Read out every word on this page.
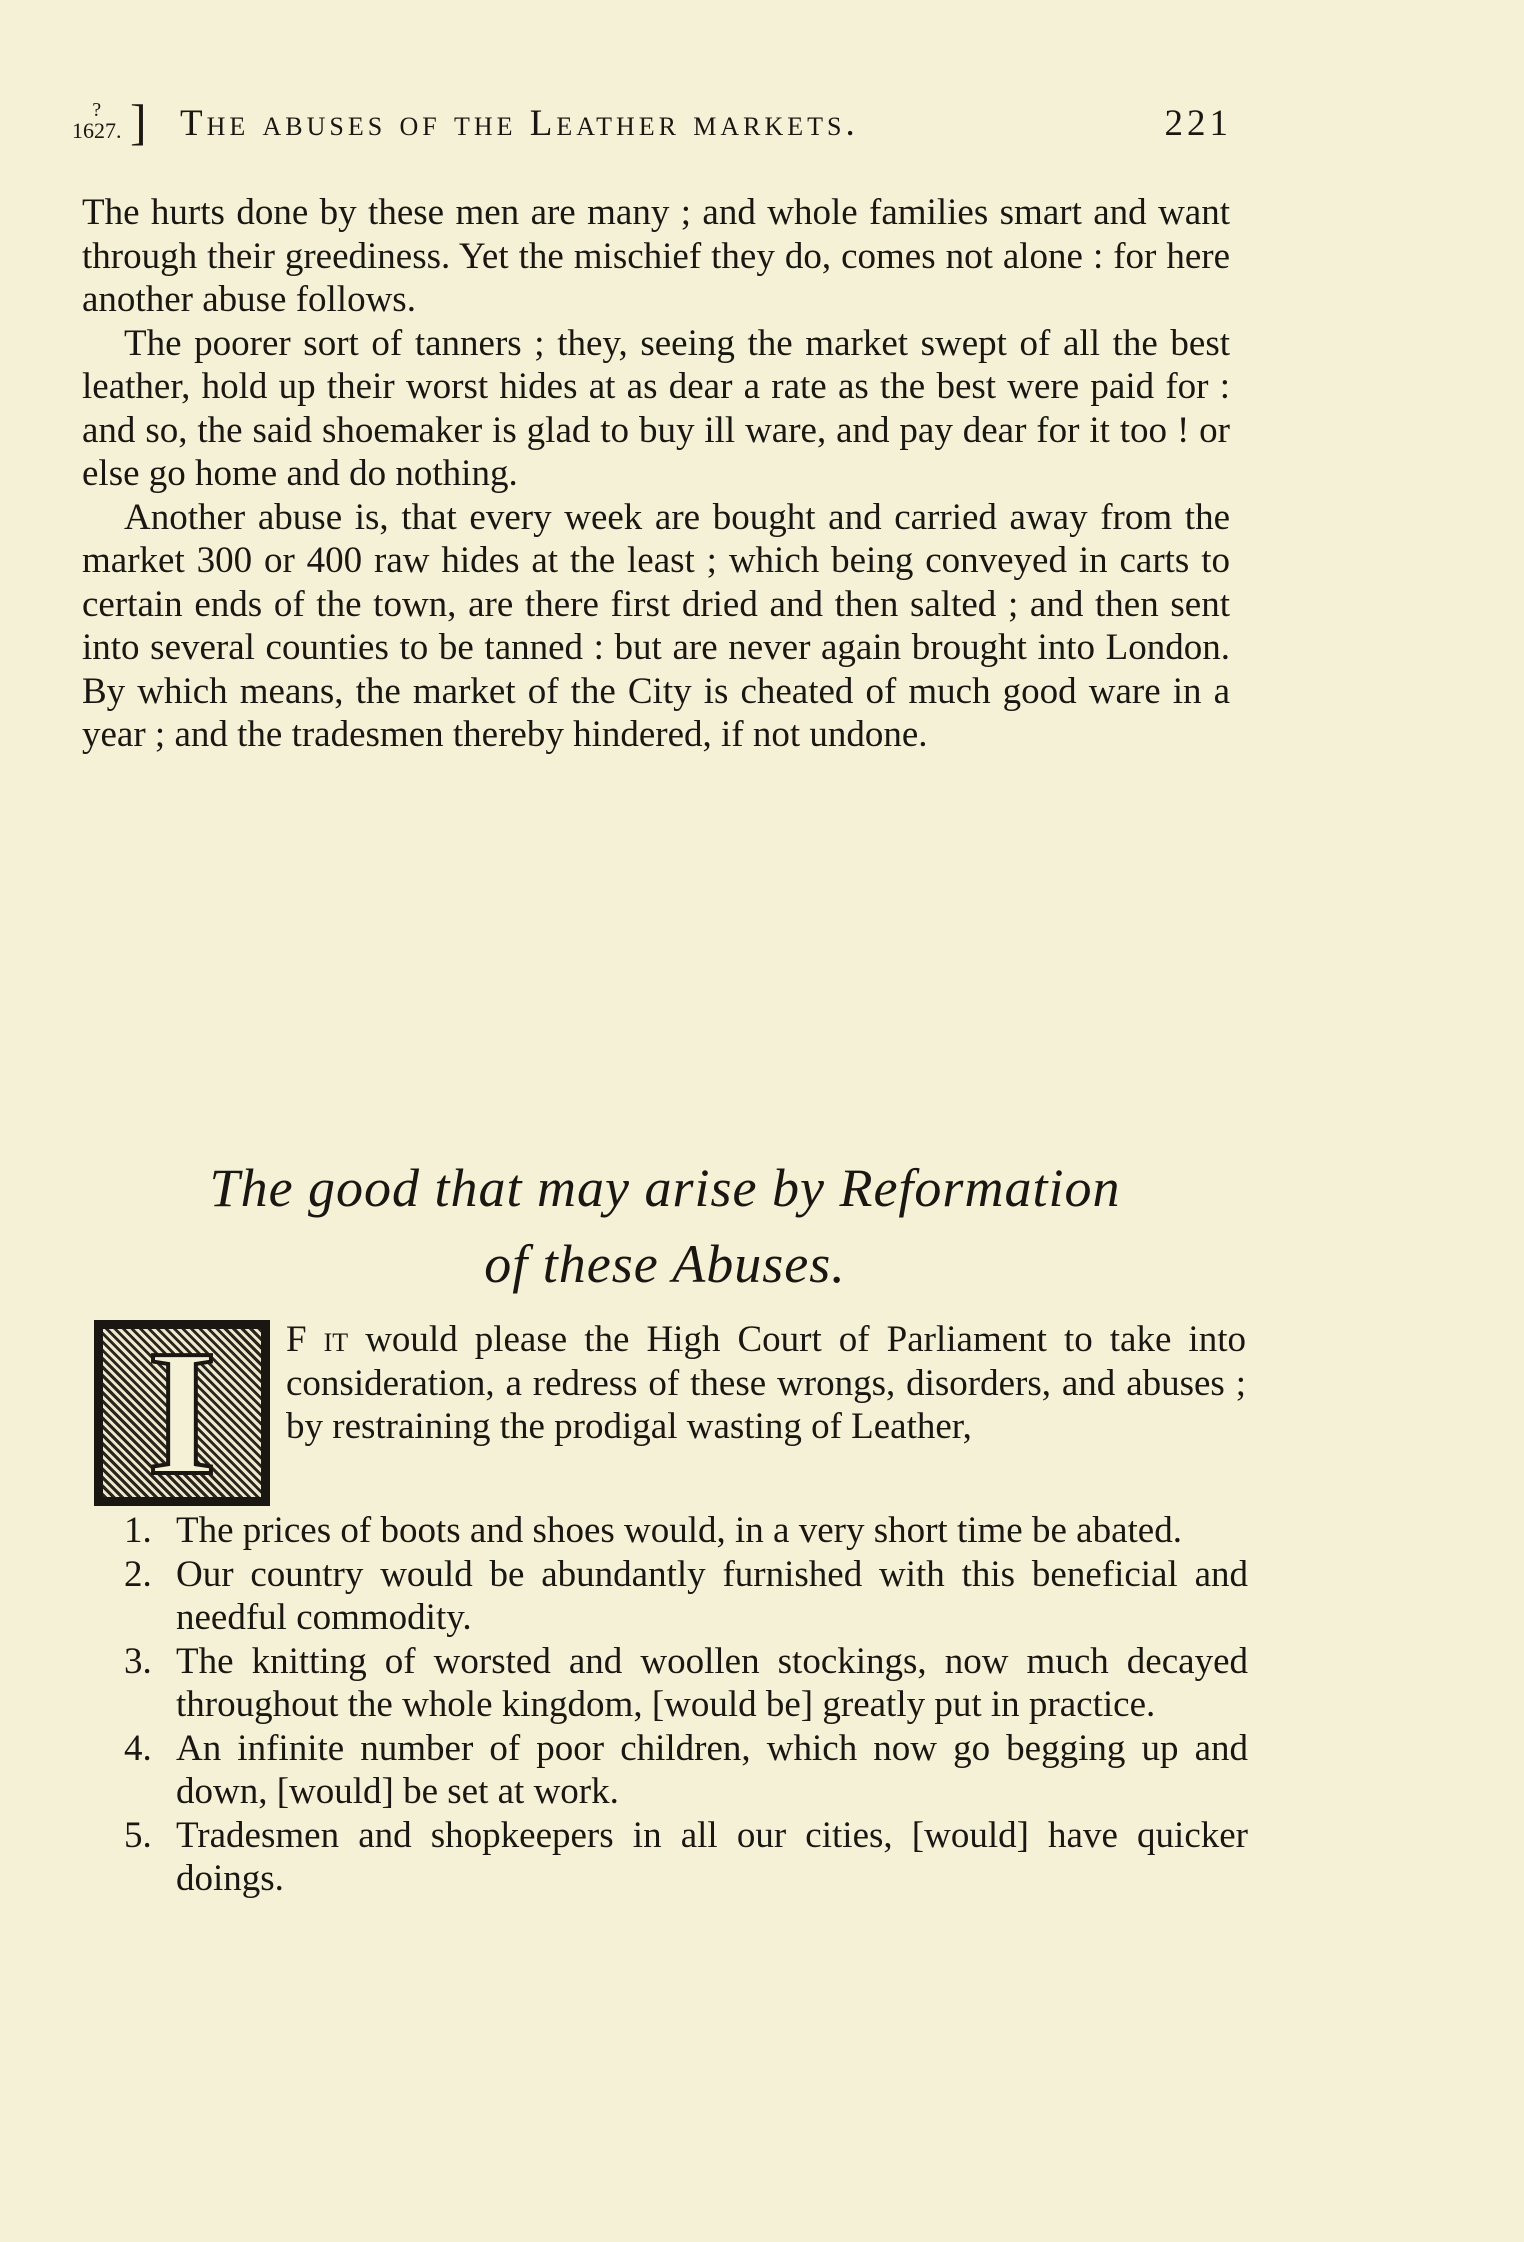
?
1627. ] The abuses of the Leather markets.	221

The hurts done by these men are many ; and whole families smart and want through their greediness. Yet the mischief they do, comes not alone : for here another abuse follows.

The poorer sort of tanners ; they, seeing the market swept of all the best leather, hold up their worst hides at as dear a rate as the best were paid for : and so, the said shoemaker is glad to buy ill ware, and pay dear for it too ! or else go home and do nothing.

Another abuse is, that every week are bought and carried away from the market 300 or 400 raw hides at the least ; which being conveyed in carts to certain ends of the town, are there first dried and then salted ; and then sent into several counties to be tanned : but are never again brought into London. By which means, the market of the City is cheated of much good ware in a year ; and the tradesmen thereby hindered, if not undone.

The good that may arise by Reformation
of these Abuses.
I	F it would please the High Court of Parliament to take into consideration, a redress of these wrongs, disorders, and abuses ; by restraining the prodigal wasting of Leather,
1. The prices of boots and shoes would, in a very short time be abated.
2. Our country would be abundantly furnished with this beneficial and needful commodity.
3. The knitting of worsted and woollen stockings, now much decayed throughout the whole kingdom, [would be] greatly put in practice.
4. An infinite number of poor children, which now go begging up and down, [would] be set at work.
5. Tradesmen and shopkeepers in all our cities, [would] have quicker doings.
